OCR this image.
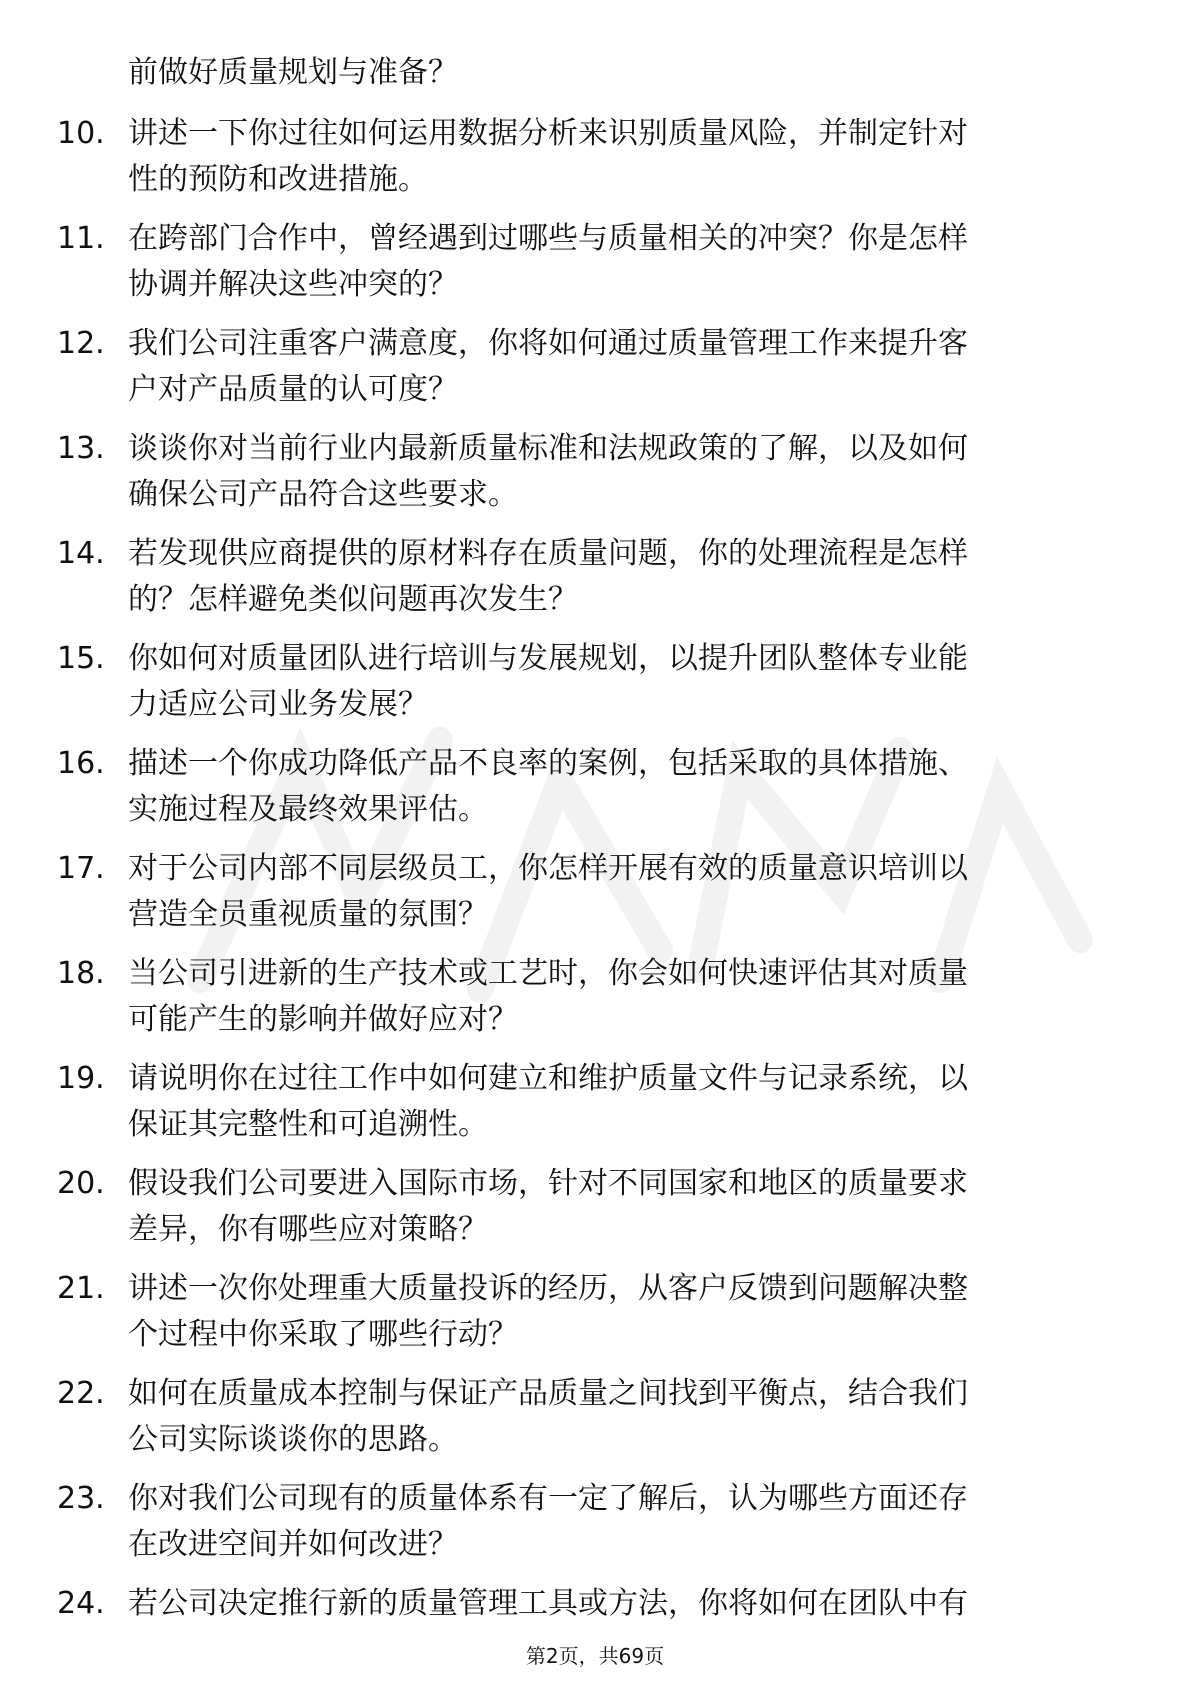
前做好质量规划与准备？
10. 讲述一下你过往如何运用数据分析来识别质量风险，并制定针对
性的预防和改进措施。
11. 在跨部门合作中，曾经遇到过哪些与质量相关的冲突？你是怎样
协调并解决这些冲突的？
12. 我们公司注重客户满意度，你将如何通过质量管理工作来提升客
户对产品质量的认可度？
13. 谈谈你对当前行业内最新质量标准和法规政策的了解，以及如何
确保公司产品符合这些要求。
14. 若发现供应商提供的原材料存在质量问题，你的处理流程是怎样
的？怎样避免类似问题再次发生？
15. 你如何对质量团队进行培训与发展规划，以提升团队整体专业能
力适应公司业务发展？
16. 描述一个你成功降低产品不良率的案例，包括采取的具体措施、
实施过程及最终效果评估。
17. 对于公司内部不同层级员工，你怎样开展有效的质量意识培训以
营造全员重视质量的氛围？
18. 当公司引进新的生产技术或工艺时，你会如何快速评估其对质量
可能产生的影响并做好应对？
19. 请说明你在过往工作中如何建立和维护质量文件与记录系统，以
保证其完整性和可追溯性。
20. 假设我们公司要进入国际市场，针对不同国家和地区的质量要求
差异，你有哪些应对策略？
21. 讲述一次你处理重大质量投诉的经历，从客户反馈到问题解决整
个过程中你采取了哪些行动？
22. 如何在质量成本控制与保证产品质量之间找到平衡点，结合我们
公司实际谈谈你的思路。
23. 你对我们公司现有的质量体系有一定了解后，认为哪些方面还存
在改进空间并如何改进？
24. 若公司决定推行新的质量管理工具或方法，你将如何在团队中有
第2页，共69页
